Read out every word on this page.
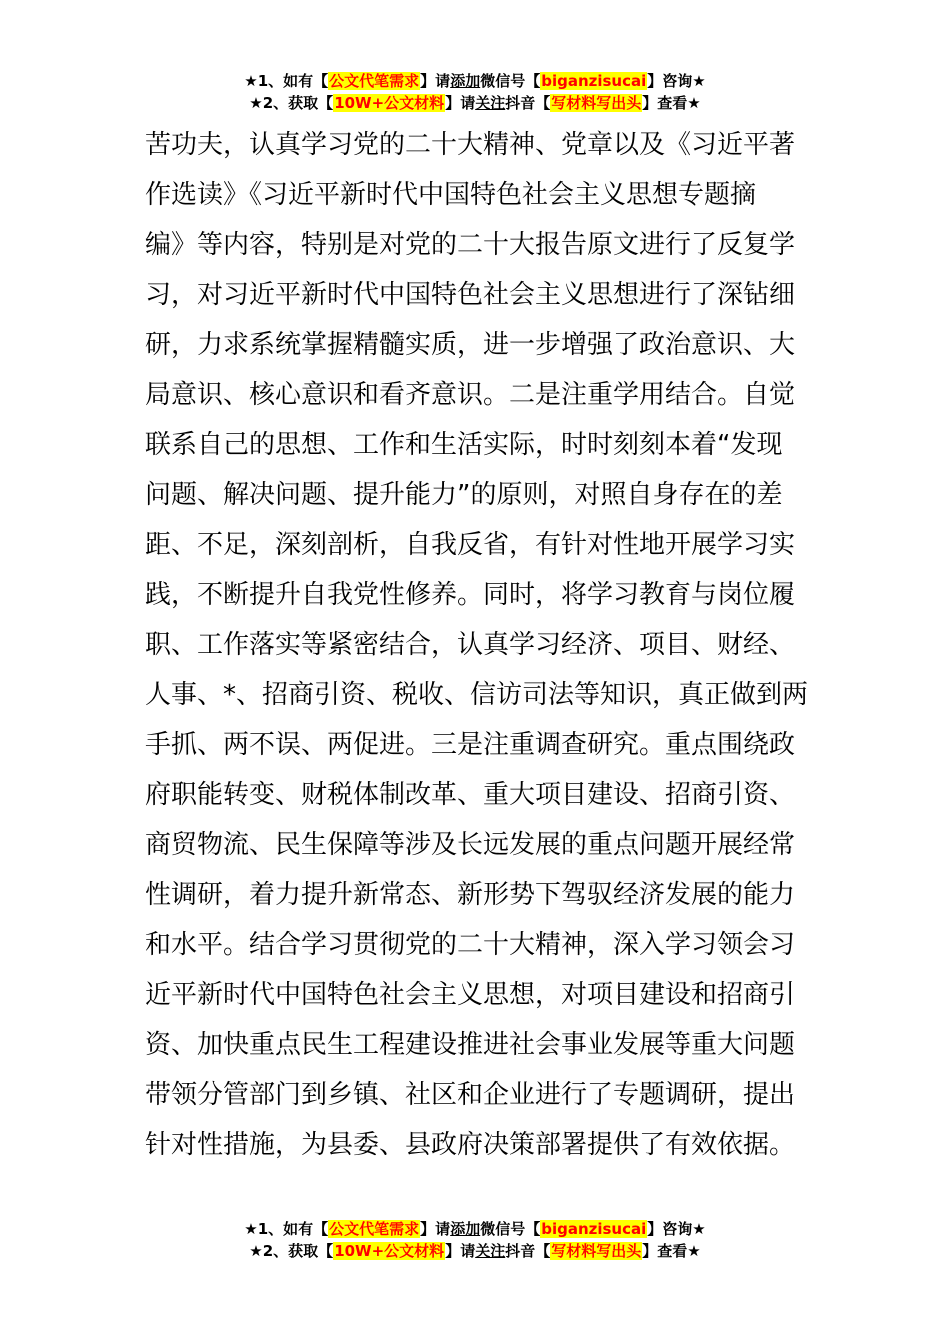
★1、如有【公文代笔需求】请添加微信号【biganzisucai】咨询★
★2、获取【10W+公文材料】请关注抖音【写材料写出头】查看★
苦功夫，认真学习党的二十大精神、党章以及《习近平著
作选读》《习近平新时代中国特色社会主义思想专题摘
编》等内容，特别是对党的二十大报告原文进行了反复学
习，对习近平新时代中国特色社会主义思想进行了深钻细
研，力求系统掌握精髓实质，进一步增强了政治意识、大
局意识、核心意识和看齐意识。二是注重学用结合。自觉
联系自己的思想、工作和生活实际，时时刻刻本着“发现
问题、解决问题、提升能力”的原则，对照自身存在的差
距、不足，深刻剖析，自我反省，有针对性地开展学习实
践，不断提升自我党性修养。同时，将学习教育与岗位履
职、工作落实等紧密结合，认真学习经济、项目、财经、
人事、*、招商引资、税收、信访司法等知识，真正做到两
手抓、两不误、两促进。三是注重调查研究。重点围绕政
府职能转变、财税体制改革、重大项目建设、招商引资、
商贸物流、民生保障等涉及长远发展的重点问题开展经常
性调研，着力提升新常态、新形势下驾驭经济发展的能力
和水平。结合学习贯彻党的二十大精神，深入学习领会习
近平新时代中国特色社会主义思想，对项目建设和招商引
资、加快重点民生工程建设推进社会事业发展等重大问题
带领分管部门到乡镇、社区和企业进行了专题调研，提出
针对性措施，为县委、县政府决策部署提供了有效依据。
★1、如有【公文代笔需求】请添加微信号【biganzisucai】咨询★
★2、获取【10W+公文材料】请关注抖音【写材料写出头】查看★
